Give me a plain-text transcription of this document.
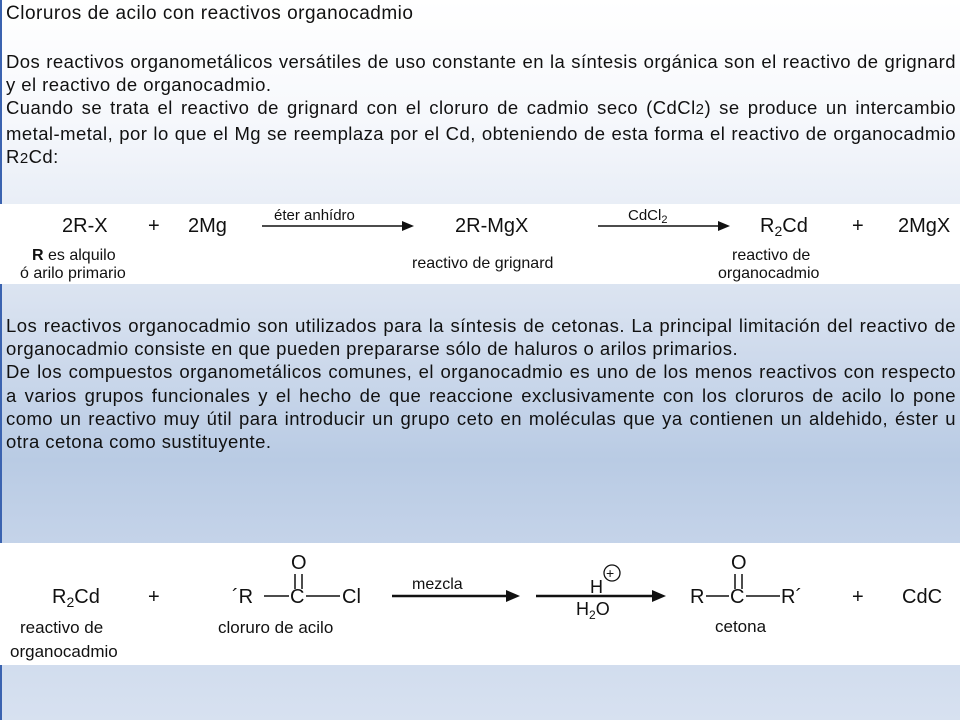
Cloruros de acilo con reactivos organocadmio

Dos reactivos organometálicos versátiles de uso constante en la síntesis orgánica son el reactivo de grignard y el reactivo de organocadmio.

Cuando se trata el reactivo de grignard con el cloruro de cadmio seco (CdCl2) se produce un intercambio metal-metal, por lo que el Mg se reemplaza por el Cd, obteniendo de esta forma el reactivo de organocadmio R2Cd:

2R-X + 2Mg	éter anhídro	2R-MgX	CdCl$_2$	$R_2Cd + 2MgX$
R es alquilo
ó arilo primario
reactivo de grignard	reactivo de
organocadmio

Los reactivos organocadmio son utilizados para la síntesis de cetonas. La principal limitación del reactivo de organocadmio consiste en que pueden prepararse sólo de haluros o arilos primarios.

De los compuestos organometálicos comunes, el organocadmio es uno de los menos reactivos con respecto a varios grupos funcionales y el hecho de que reaccione exclusivamente con los cloruros de acilo lo pone como un reactivo muy útil para introducir un grupo ceto en moléculas que ya contienen un aldehido, éster u otra cetona como sustituyente.

$R_2Cd$ +
O
´R C Cl
mezcla	H
+
$H_2O$
O
R C R´ + CdC
reactivo de
organocadmio
cloruro de acilo	cetona
